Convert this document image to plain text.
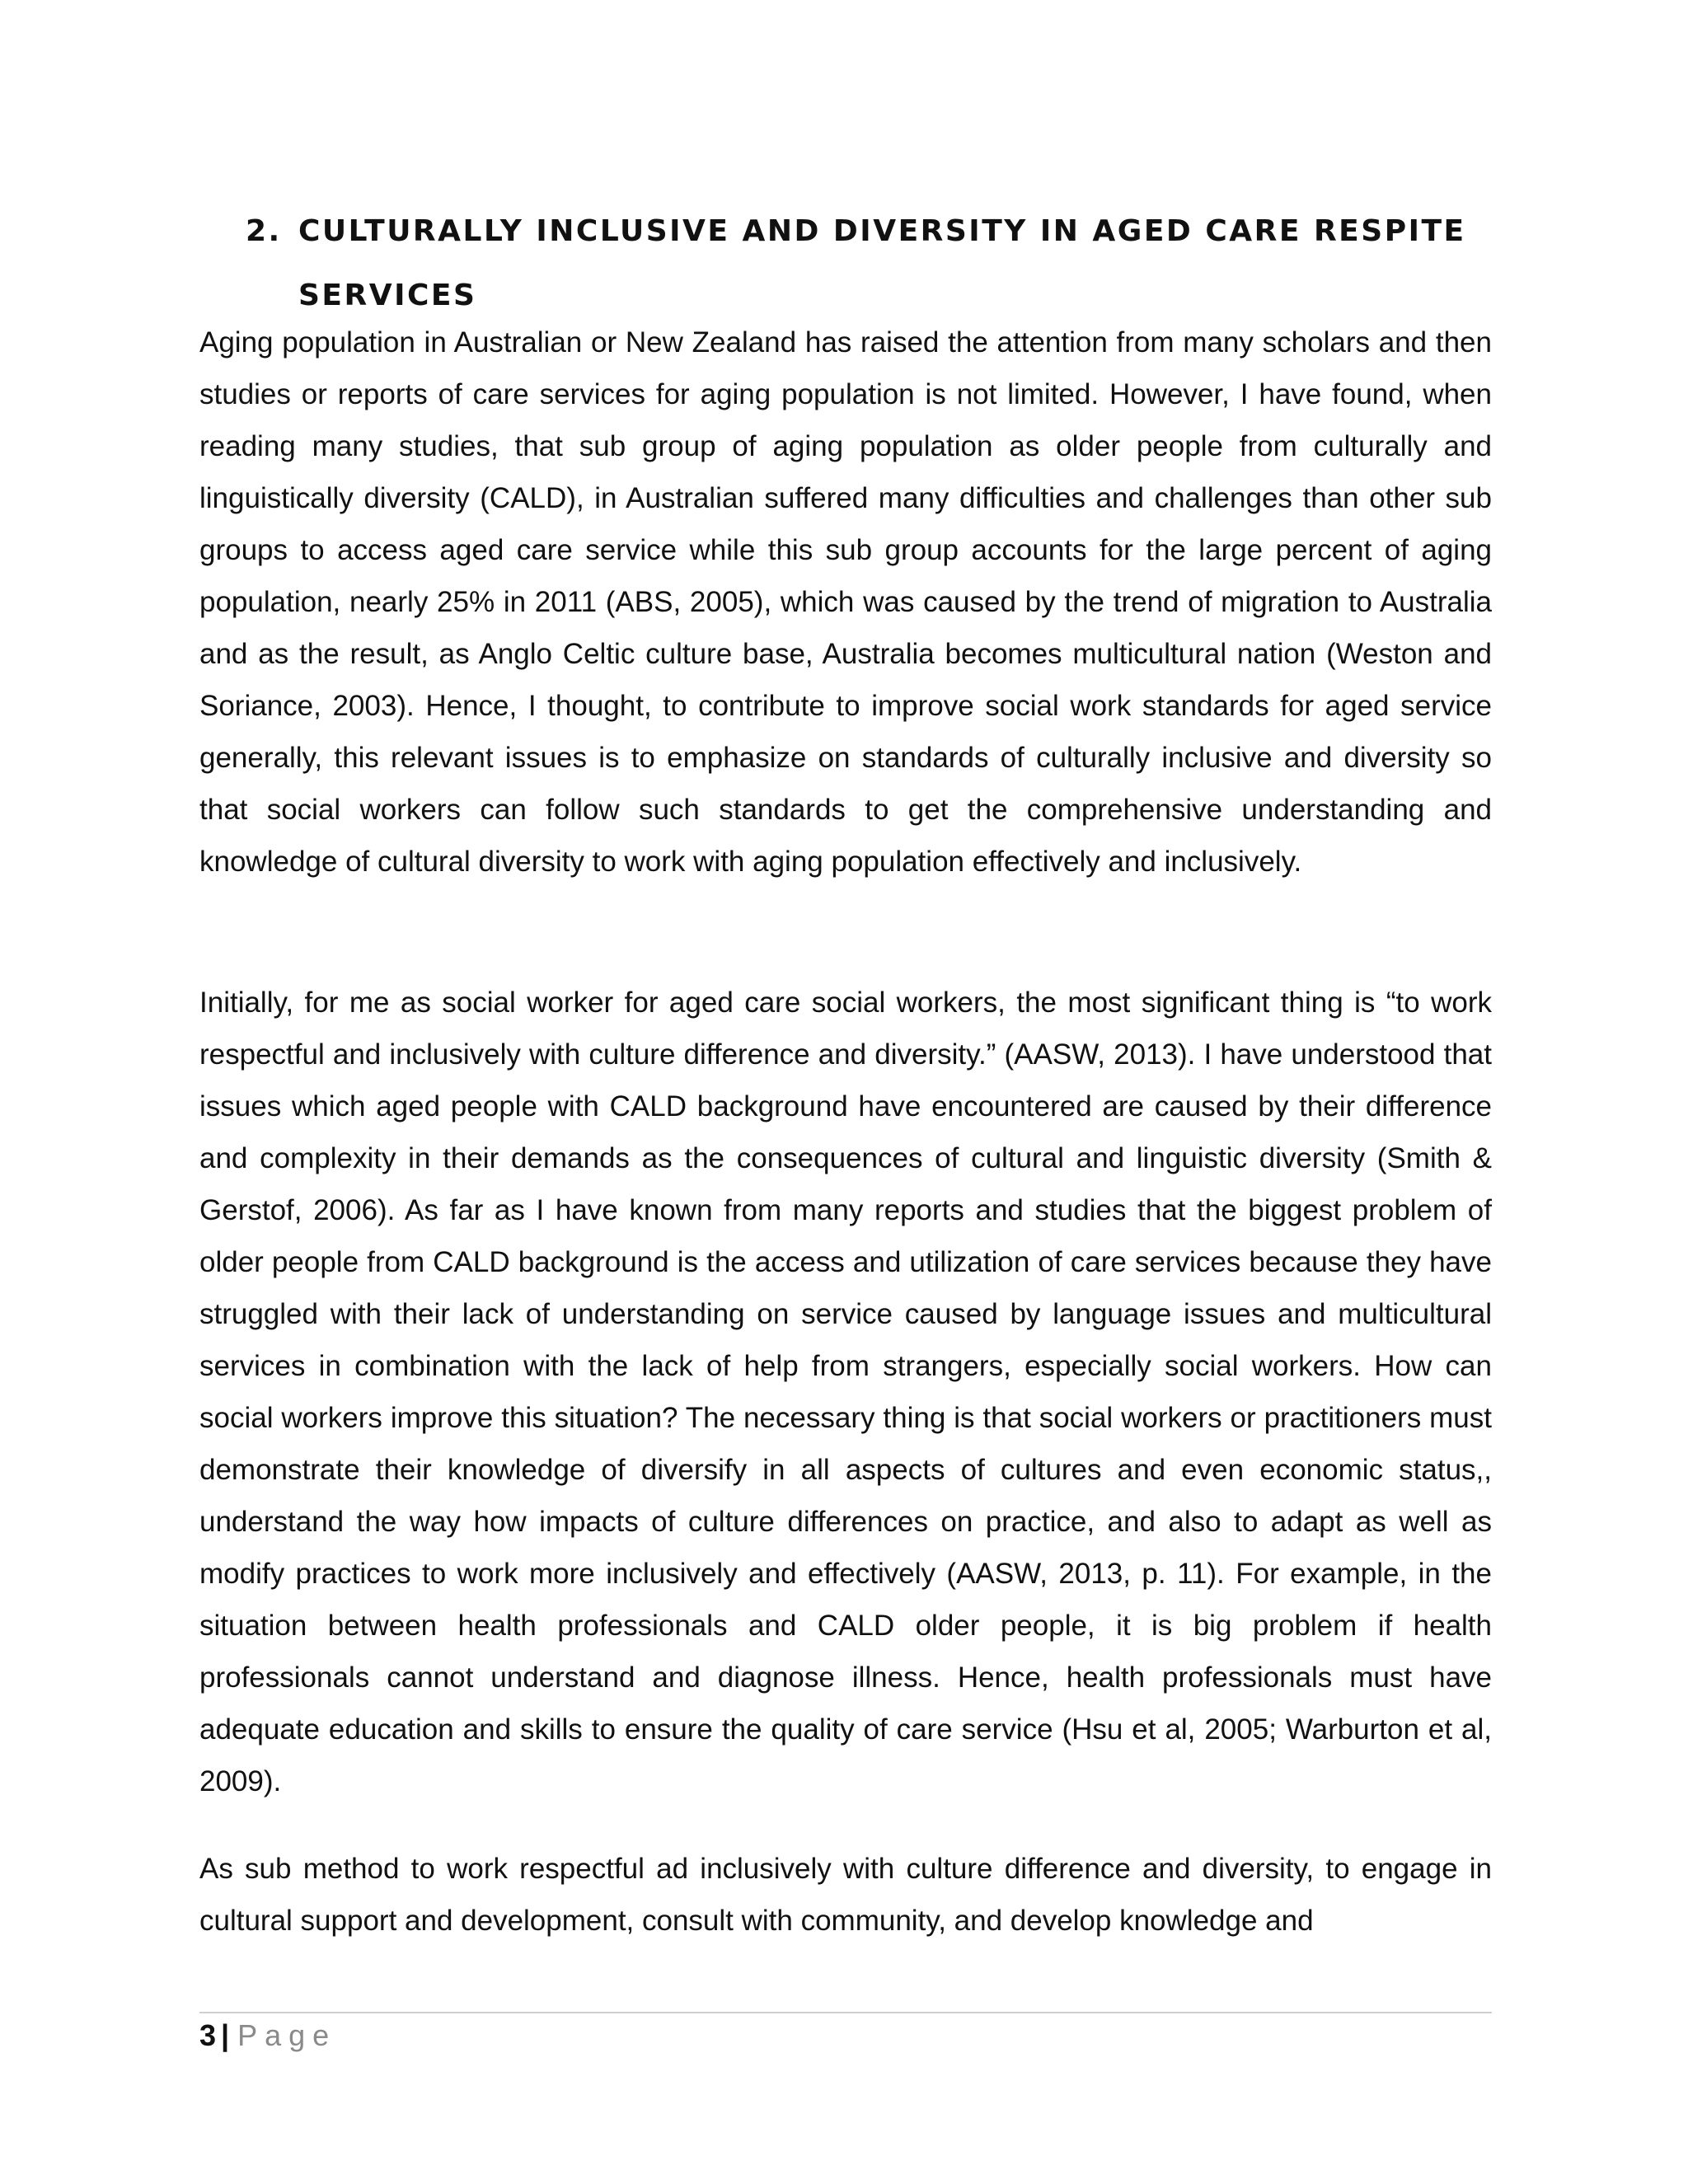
2. CULTURALLY INCLUSIVE AND DIVERSITY IN AGED CARE RESPITE
SERVICES

Aging population in Australian or New Zealand has raised the attention from many scholars and then studies or reports of care services for aging population is not limited. However, I have found, when reading many studies, that sub group of aging population as older people from culturally and linguistically diversity (CALD), in Australian suffered many difficulties and challenges than other sub groups to access aged care service while this sub group accounts for the large percent of aging population, nearly 25% in 2011 (ABS, 2005), which was caused by the trend of migration to Australia and as the result, as Anglo Celtic culture base, Australia becomes multicultural nation (Weston and Soriance, 2003). Hence, I thought, to contribute to improve social work standards for aged service generally, this relevant issues is to emphasize on standards of culturally inclusive and diversity so that social workers can follow such standards to get the comprehensive understanding and knowledge of cultural diversity to work with aging population effectively and inclusively.

Initially, for me as social worker for aged care social workers, the most significant thing is “to work respectful and inclusively with culture difference and diversity.” (AASW, 2013). I have understood that issues which aged people with CALD background have encountered are caused by their difference and complexity in their demands as the consequences of cultural and linguistic diversity (Smith & Gerstof, 2006). As far as I have known from many reports and studies that the biggest problem of older people from CALD background is the access and utilization of care services because they have struggled with their lack of understanding on service caused by language issues and multicultural services in combination with the lack of help from strangers, especially social workers. How can social workers improve this situation? The necessary thing is that social workers or practitioners must demonstrate their knowledge of diversify in all aspects of cultures and even economic status,, understand the way how impacts of culture differences on practice, and also to adapt as well as modify practices to work more inclusively and effectively (AASW, 2013, p. 11). For example, in the situation between health professionals and CALD older people, it is big problem if health professionals cannot understand and diagnose illness. Hence, health professionals must have adequate education and skills to ensure the quality of care service (Hsu et al, 2005; Warburton et al, 2009).

As sub method to work respectful ad inclusively with culture difference and diversity, to engage in cultural support and development, consult with community, and develop knowledge and

3 | Page
